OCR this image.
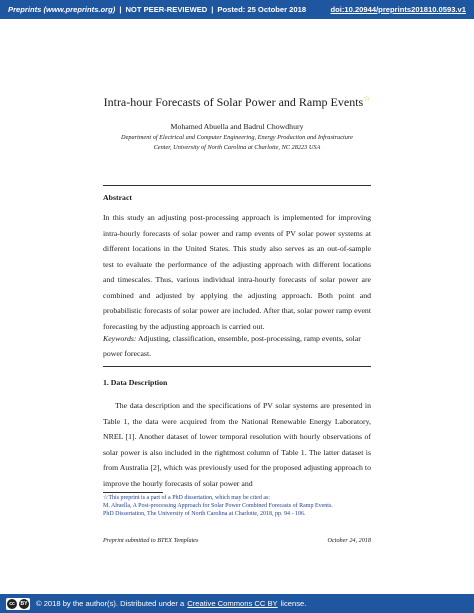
Preprints (www.preprints.org) | NOT PEER-REVIEWED | Posted: 25 October 2018	doi:10.20944/preprints201810.0593.v1
Intra-hour Forecasts of Solar Power and Ramp Events☆
Mohamed Abuella and Badrul Chowdhury
Department of Electrical and Computer Engineering, Energy Production and Infrastructure
Center, University of North Carolina at Charlotte, NC 28223 USA
Abstract
In this study an adjusting post-processing approach is implemented for improving intra-hourly forecasts of solar power and ramp events of PV solar power systems at different locations in the United States. This study also serves as an out-of-sample test to evaluate the performance of the adjusting approach with different locations and timescales. Thus, various individual intra-hourly forecasts of solar power are combined and adjusted by applying the adjusting approach. Both point and probabilistic forecasts of solar power are included. After that, solar power ramp event forecasting by the adjusting approach is carried out.
Keywords: Adjusting, classification, ensemble, post-processing, ramp events, solar power forecast.
1. Data Description
The data description and the specifications of PV solar systems are presented in Table 1, the data were acquired from the National Renewable Energy Laboratory, NREL [1]. Another dataset of lower temporal resolution with hourly observations of solar power is also included in the rightmost column of Table 1. The latter dataset is from Australia [2], which was previously used for the proposed adjusting approach to improve the hourly forecasts of solar power and
☆This preprint is a part of a PhD dissertation, which may be cited as:
M. Abuella, A Post-processing Approach for Solar Power Combined Forecasts of Ramp Events.
PhD Dissertation, The University of North Carolina at Charlotte, 2018, pp. 94 - 106.
Preprint submitted to BTEX Templates	October 24, 2018
cc	BY © 2018 by the author(s). Distributed under a Creative Commons CC BY license.
